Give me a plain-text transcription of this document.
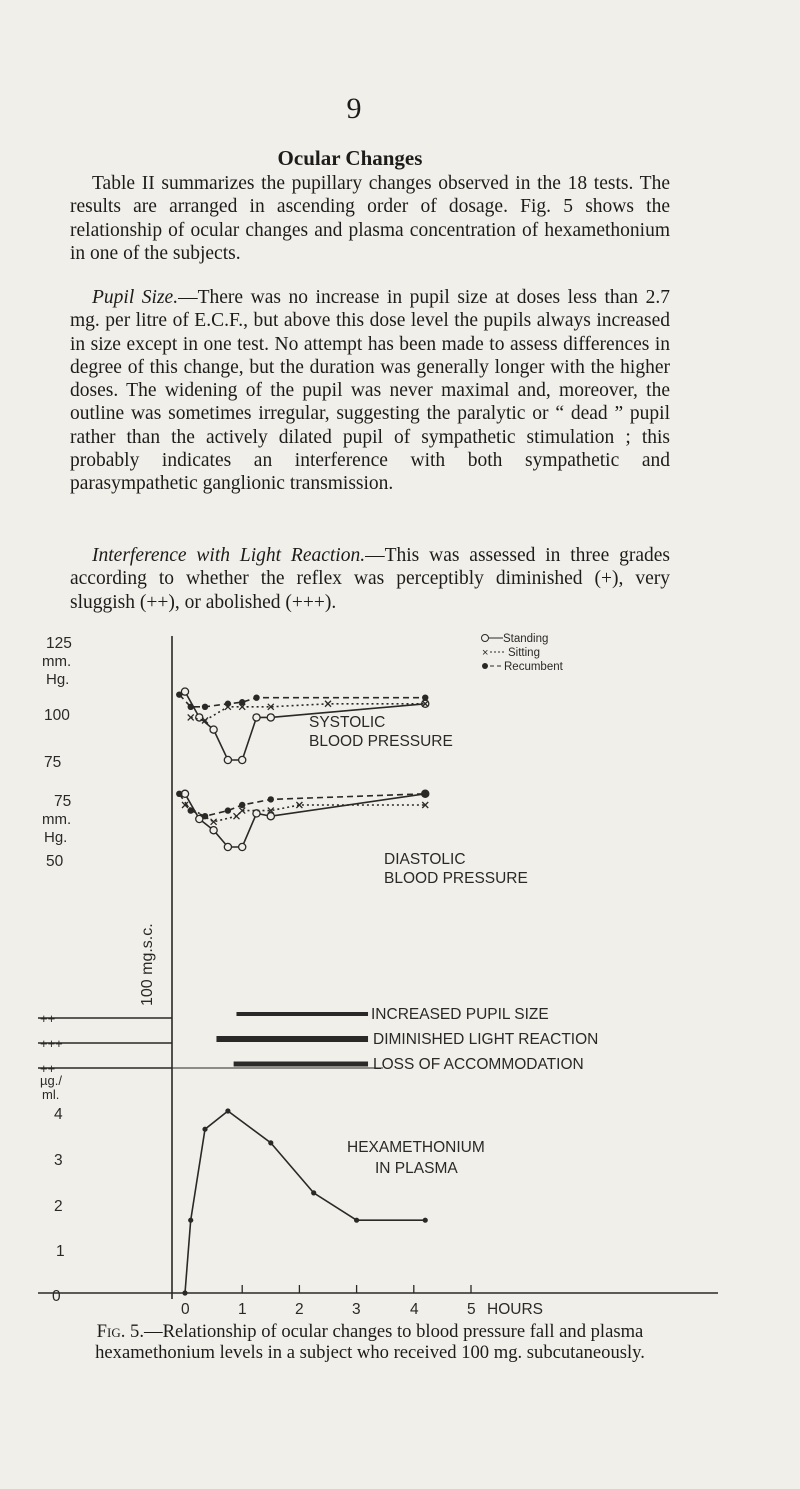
9
Ocular Changes

Table II summarizes the pupillary changes observed in the 18 tests. The results are arranged in ascending order of dosage. Fig. 5 shows the relationship of ocular changes and plasma concentration of hexamethonium in one of the subjects.

Pupil Size.—There was no increase in pupil size at doses less than 2.7 mg. per litre of E.C.F., but above this dose level the pupils always increased in size except in one test. No attempt has been made to assess differences in degree of this change, but the duration was generally longer with the higher doses. The widening of the pupil was never maximal and, moreover, the outline was sometimes irregular, suggesting the paralytic or “ dead ” pupil rather than the actively dilated pupil of sympathetic stimulation ; this probably indicates an interference with both sympathetic and parasympathetic ganglionic transmission.

Interference with Light Reaction.—This was assessed in three grades according to whether the reflex was perceptibly diminished (+), very sluggish (++), or abolished (+++).

Standing
× Sitting
Recumbent
125
mm.
Hg.
100
75
75
mm.
Hg.
50
100 mg.s.c.
SYSTOLIC
BLOOD PRESSURE
DIASTOLIC
BLOOD PRESSURE
++
+++
++
INCREASED PUPIL SIZE
DIMINISHED LIGHT REACTION
LOSS OF ACCOMMODATION
µg./
ml.
4
3
2
1
0
HEXAMETHONIUM
IN PLASMA
0	1	2	3	4	5 HOURS
Fig. 5.—Relationship of ocular changes to blood pressure fall and plasma hexamethonium levels in a subject who received 100 mg. subcutaneously.
